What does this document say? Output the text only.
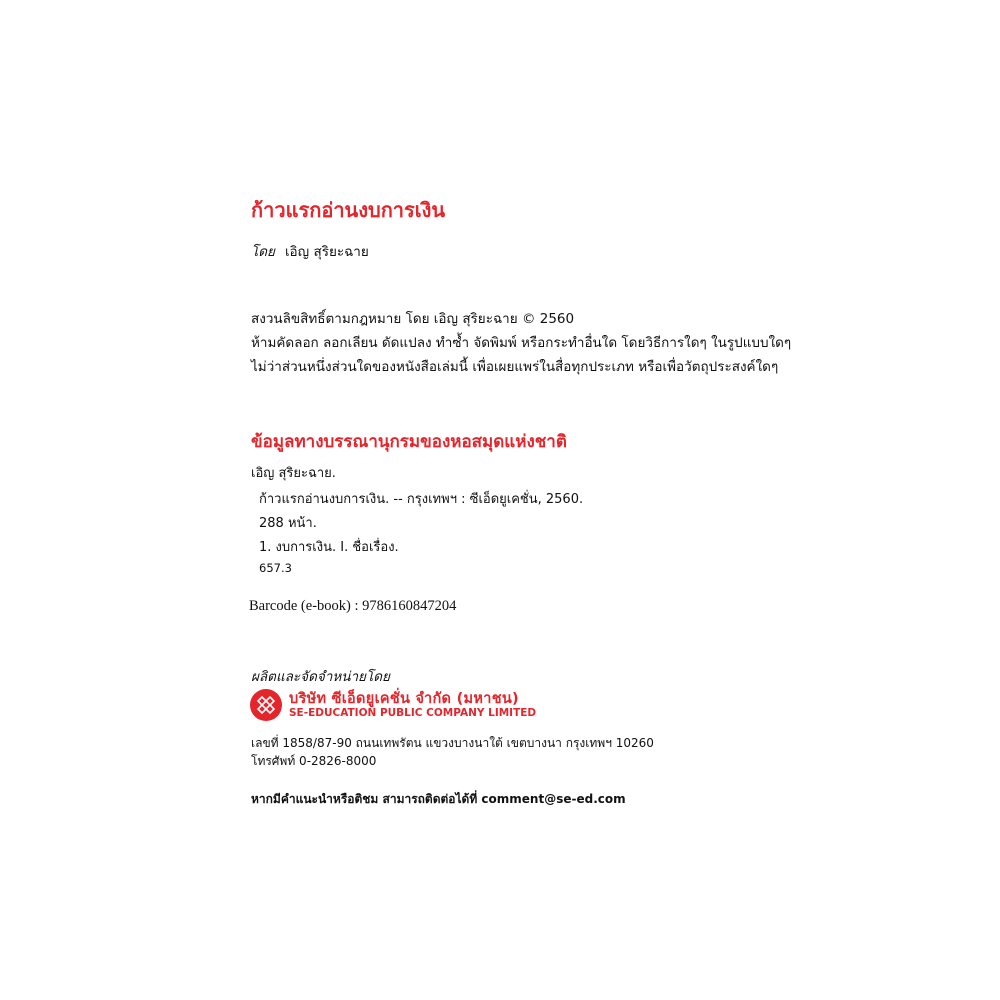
ก้าวแรกอ่านงบการเงิน
โดย เอิญ สุริยะฉาย
สงวนลิขสิทธิ์ตามกฎหมาย โดย เอิญ สุริยะฉาย © 2560
ห้ามคัดลอก ลอกเลียน ดัดแปลง ทำซ้ำ จัดพิมพ์ หรือกระทำอื่นใด โดยวิธีการใดๆ ในรูปแบบใดๆ
ไม่ว่าส่วนหนึ่งส่วนใดของหนังสือเล่มนี้ เพื่อเผยแพร่ในสื่อทุกประเภท หรือเพื่อวัตถุประสงค์ใดๆ
ข้อมูลทางบรรณานุกรมของหอสมุดแห่งชาติ
เอิญ สุริยะฉาย.
ก้าวแรกอ่านงบการเงิน. -- กรุงเทพฯ : ซีเอ็ดยูเคชั่น, 2560.
288 หน้า.
1. งบการเงิน. I. ชื่อเรื่อง.
657.3
Barcode (e-book) : 9786160847204
ผลิตและจัดจำหน่ายโดย
บริษัท ซีเอ็ดยูเคชั่น จำกัด (มหาชน)
SE-EDUCATION PUBLIC COMPANY LIMITED
เลขที่ 1858/87-90 ถนนเทพรัตน แขวงบางนาใต้ เขตบางนา กรุงเทพฯ 10260
โทรศัพท์ 0-2826-8000
หากมีคำแนะนำหรือติชม สามารถติดต่อได้ที่ comment@se-ed.com
